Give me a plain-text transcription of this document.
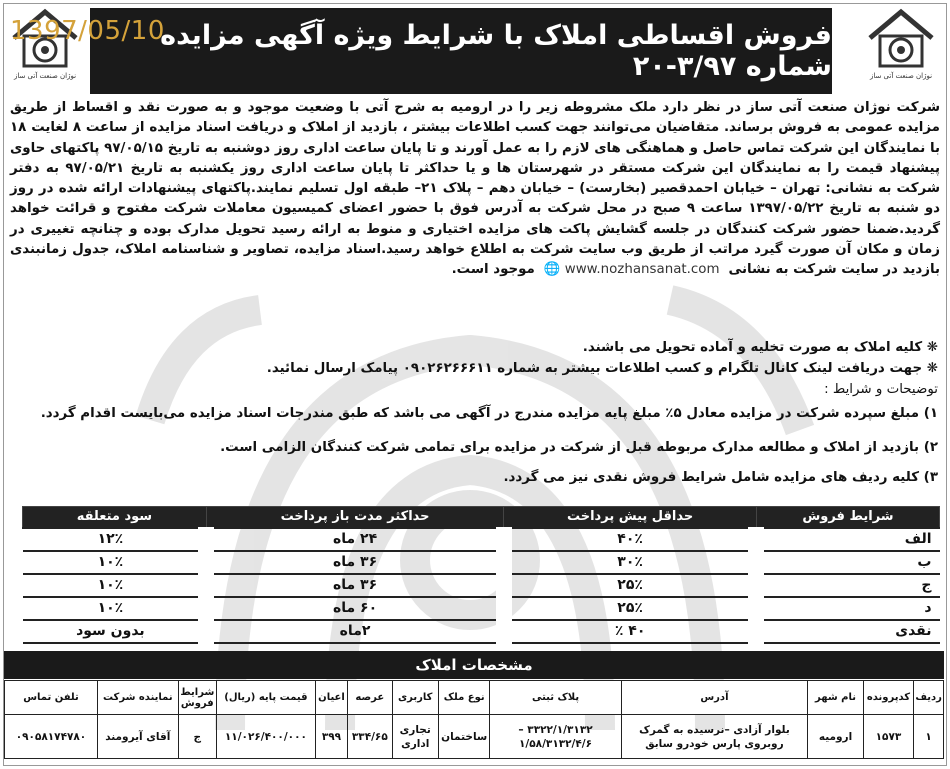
1397/05/10
نوژان صنعت آتی ساز
فروش اقساطی املاک با شرایط ویژه آگهی مزایده شماره ۳/۹۷-۲۰	نوژان صنعت آتی ساز
شرکت نوژان صنعت آتی ساز در نظر دارد ملک مشروطه زیر را در ارومیه به شرح آتی با وضعیت موجود و به صورت نقد و اقساط از طریق مزایده عمومی به فروش برساند. متقاضیان می‌توانند جهت کسب اطلاعات بیشتر ، بازدید از املاک و دریافت اسناد مزایده از ساعت ۸ لغایت ۱۸ با نمایندگان این شرکت تماس حاصل و هماهنگی های لازم را به عمل آورند و تا پایان ساعت اداری روز دوشنبه به تاریخ ۹۷/۰۵/۱۵ پاکتهای حاوی پیشنهاد قیمت را به نمایندگان این شرکت مستقر در شهرستان ها و یا حداکثر تا پایان ساعت اداری روز یکشنبه به تاریخ ۹۷/۰۵/۲۱ به دفتر شرکت به نشانی: تهران – خیابان احمدقصیر (بخارست) – خیابان دهم – پلاک ۲۱– طبقه اول تسلیم نمایند.پاکتهای پیشنهادات ارائه شده در روز دو شنبه به تاریخ ۱۳۹۷/۰۵/۲۲ ساعت ۹ صبح در محل شرکت به آدرس فوق با حضور اعضای کمیسیون معاملات شرکت مفتوح و قرائت خواهد گردید.ضمنا حضور شرکت کنندگان در جلسه گشایش پاکت های مزایده اختیاری و منوط به ارائه رسید تحویل مدارک بوده و چنانچه تغییری در زمان و مکان آن صورت گیرد مراتب از طریق وب سایت شرکت به اطلاع خواهد رسید.اسناد مزایده، تصاویر و شناسنامه املاک، جدول زمانبندی بازدید در سایت شرکت به نشانی  🌐 www.nozhansanat.com  موجود است.
❋ کلیه املاک به صورت تخلیه و آماده تحویل می باشند.
❋ جهت دریافت لینک کانال تلگرام و کسب اطلاعات بیشتر به شماره ۰۹۰۲۶۲۶۶۶۱۱ پیامک ارسال نمائید.
توضیحات و شرایط :
۱) مبلغ سپرده شرکت در مزایده معادل ۵٪ مبلغ پایه مزایده مندرج در آگهی می باشد که طبق مندرجات اسناد مزایده می‌بایست اقدام گردد.
۲) بازدید از املاک و مطالعه مدارک مربوطه قبل از شرکت در مزایده برای تمامی شرکت کنندگان الزامی است.
۳) کلیه ردیف های مزایده شامل شرایط فروش نقدی نیز می گردد.
شرایط فروش	حداقل پیش پرداخت	حداکثر مدت باز پرداخت	سود متعلقه
الف	۴۰٪	۲۴ ماه	۱۲٪
ب	۳۰٪	۳۶ ماه	۱۰٪
ج	۲۵٪	۳۶ ماه	۱۰٪
د	۲۵٪	۶۰ ماه	۱۰٪
نقدی	۴۰ ٪	۲ماه	بدون سود
مشخصات املاک
ردیف	کدپرونده	نام شهر	آدرس	پلاک ثبتی	نوع ملک	کاربری	عرصه	اعیان	قیمت پایه (ریال)	شرایط فروش	نماینده شرکت	تلفن تماس
۱	۱۵۷۳	ارومیه	بلوار آزادی –نرسیده به گمرک روبروی پارس خودرو سابق	۳۳۲۲/۱/۳۱۳۲ – ۱/۵۸/۳۱۳۲/۴/۶	ساختمان	تجاری اداری	۳۳۴/۶۵	۳۹۹	۱۱/۰۲۶/۴۰۰/۰۰۰	ج	آقای آیرومند	۰۹۰۵۸۱۷۴۷۸۰
